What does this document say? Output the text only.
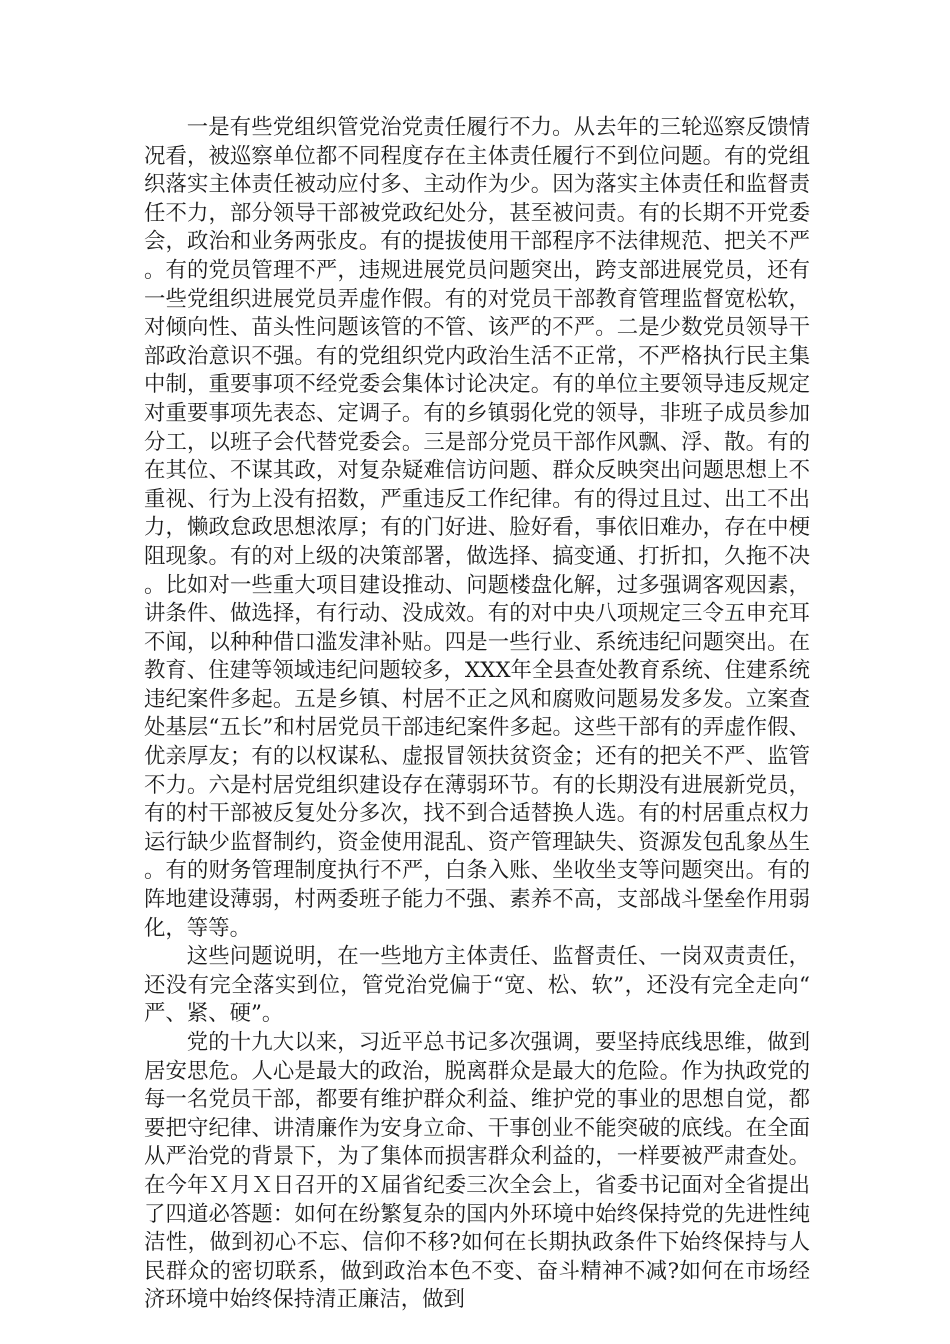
一是有些党组织管党治党责任履行不力。从去年的三轮巡察反馈情况看，被巡察单位都不同程度存在主体责任履行不到位问题。有的党组织落实主体责任被动应付多、主动作为少。因为落实主体责任和监督责任不力，部分领导干部被党政纪处分，甚至被问责。有的长期不开党委会，政治和业务两张皮。有的提拔使用干部程序不法律规范、把关不严。有的党员管理不严，违规进展党员问题突出，跨支部进展党员，还有一些党组织进展党员弄虚作假。有的对党员干部教育管理监督宽松软，对倾向性、苗头性问题该管的不管、该严的不严。二是少数党员领导干部政治意识不强。有的党组织党内政治生活不正常，不严格执行民主集中制，重要事项不经党委会集体讨论决定。有的单位主要领导违反规定对重要事项先表态、定调子。有的乡镇弱化党的领导，非班子成员参加分工，以班子会代替党委会。三是部分党员干部作风飘、浮、散。有的在其位、不谋其政，对复杂疑难信访问题、群众反映突出问题思想上不重视、行为上没有招数，严重违反工作纪律。有的得过且过、出工不出力，懒政怠政思想浓厚；有的门好进、脸好看，事依旧难办，存在中梗阻现象。有的对上级的决策部署，做选择、搞变通、打折扣，久拖不决。比如对一些重大项目建设推动、问题楼盘化解，过多强调客观因素，讲条件、做选择，有行动、没成效。有的对中央八项规定三令五申充耳不闻，以种种借口滥发津补贴。四是一些行业、系统违纪问题突出。在教育、住建等领域违纪问题较多，XXX年全县查处教育系统、住建系统违纪案件多起。五是乡镇、村居不正之风和腐败问题易发多发。立案查处基层“五长”和村居党员干部违纪案件多起。这些干部有的弄虚作假、优亲厚友；有的以权谋私、虚报冒领扶贫资金；还有的把关不严、监管不力。六是村居党组织建设存在薄弱环节。有的长期没有进展新党员，有的村干部被反复处分多次，找不到合适替换人选。有的村居重点权力运行缺少监督制约，资金使用混乱、资产管理缺失、资源发包乱象丛生。有的财务管理制度执行不严，白条入账、坐收坐支等问题突出。有的阵地建设薄弱，村两委班子能力不强、素养不高，支部战斗堡垒作用弱化，等等。

这些问题说明，在一些地方主体责任、监督责任、一岗双责责任，还没有完全落实到位，管党治党偏于“宽、松、软”，还没有完全走向“严、紧、硬”。

党的十九大以来，习近平总书记多次强调，要坚持底线思维，做到居安思危。人心是最大的政治，脱离群众是最大的危险。作为执政党的每一名党员干部，都要有维护群众利益、维护党的事业的思想自觉，都要把守纪律、讲清廉作为安身立命、干事创业不能突破的底线。在全面从严治党的背景下，为了集体而损害群众利益的，一样要被严肃查处。在今年Ｘ月Ｘ日召开的Ｘ届省纪委三次全会上，省委书记面对全省提出了四道必答题：如何在纷繁复杂的国内外环境中始终保持党的先进性纯洁性，做到初心不忘、信仰不移?如何在长期执政条件下始终保持与人民群众的密切联系，做到政治本色不变、奋斗精神不减?如何在市场经济环境中始终保持清正廉洁，做到
